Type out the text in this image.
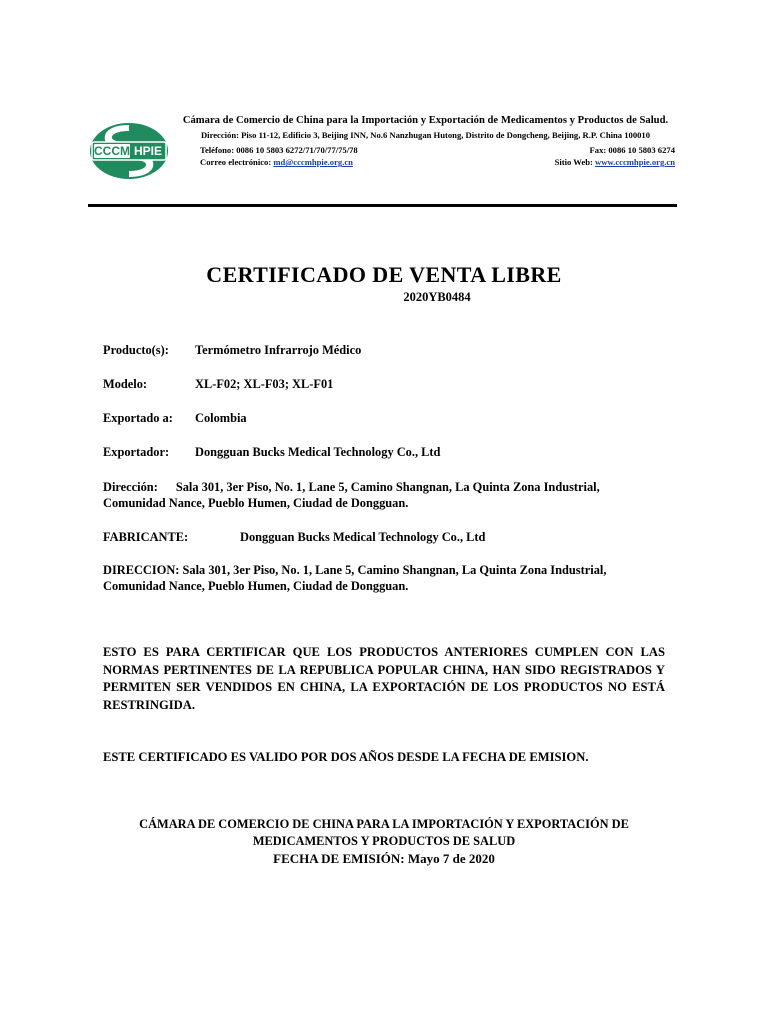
CCCM HPIE
Cámara de Comercio de China para la Importación y Exportación de Medicamentos y Productos de Salud.
Dirección: Piso 11-12, Edificio 3, Beijing INN, No.6 Nanzhugan Hutong, Distrito de Dongcheng, Beijing, R.P. China 100010
Teléfono: 0086 10 5803 6272/71/70/77/75/78	Fax: 0086 10 5803 6274
Correo electrónico: md@cccmhpie.org.cn	Sitio Web: www.cccmhpie.org.cn
CERTIFICADO DE VENTA LIBRE
2020YB0484
Producto(s):	Termómetro Infrarrojo Médico
Modelo:	XL-F02; XL-F03; XL-F01
Exportado a:	Colombia
Exportador:	Dongguan Bucks Medical Technology Co., Ltd
Dirección: Sala 301, 3er Piso, No. 1, Lane 5, Camino Shangnan, La Quinta Zona Industrial, Comunidad Nance, Pueblo Humen, Ciudad de Dongguan.
FABRICANTE:	Dongguan Bucks Medical Technology Co., Ltd
DIRECCION: Sala 301, 3er Piso, No. 1, Lane 5, Camino Shangnan, La Quinta Zona Industrial, Comunidad Nance, Pueblo Humen, Ciudad de Dongguan.
ESTO ES PARA CERTIFICAR QUE LOS PRODUCTOS ANTERIORES CUMPLEN CON LAS NORMAS PERTINENTES DE LA REPUBLICA POPULAR CHINA, HAN SIDO REGISTRADOS Y PERMITEN SER VENDIDOS EN CHINA, LA EXPORTACIÓN DE LOS PRODUCTOS NO ESTÁ RESTRINGIDA.
ESTE CERTIFICADO ES VALIDO POR DOS AÑOS DESDE LA FECHA DE EMISION.
CÁMARA DE COMERCIO DE CHINA PARA LA IMPORTACIÓN Y EXPORTACIÓN DE
MEDICAMENTOS Y PRODUCTOS DE SALUD
FECHA DE EMISIÓN: Mayo 7 de 2020
